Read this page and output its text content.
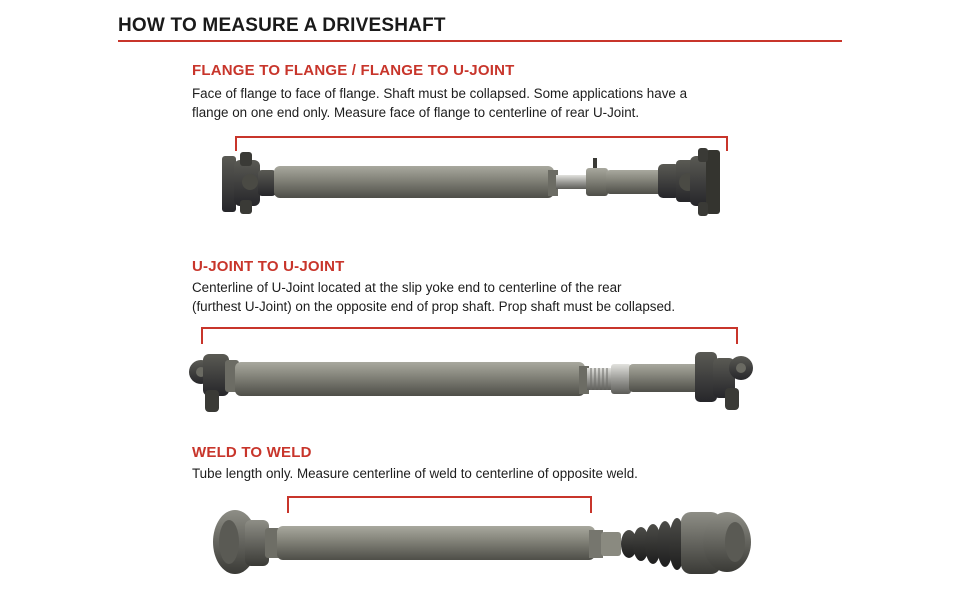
HOW TO MEASURE A DRIVESHAFT
FLANGE TO FLANGE / FLANGE TO U-JOINT
Face of flange to face of flange. Shaft must be collapsed. Some applications have a
flange on one end only. Measure face of flange to centerline of rear U-Joint.
U-JOINT TO U-JOINT
Centerline of U-Joint located at the slip yoke end to centerline of the rear
(furthest U-Joint) on the opposite end of prop shaft. Prop shaft must be collapsed.
WELD TO WELD
Tube length only. Measure centerline of weld to centerline of opposite weld.
